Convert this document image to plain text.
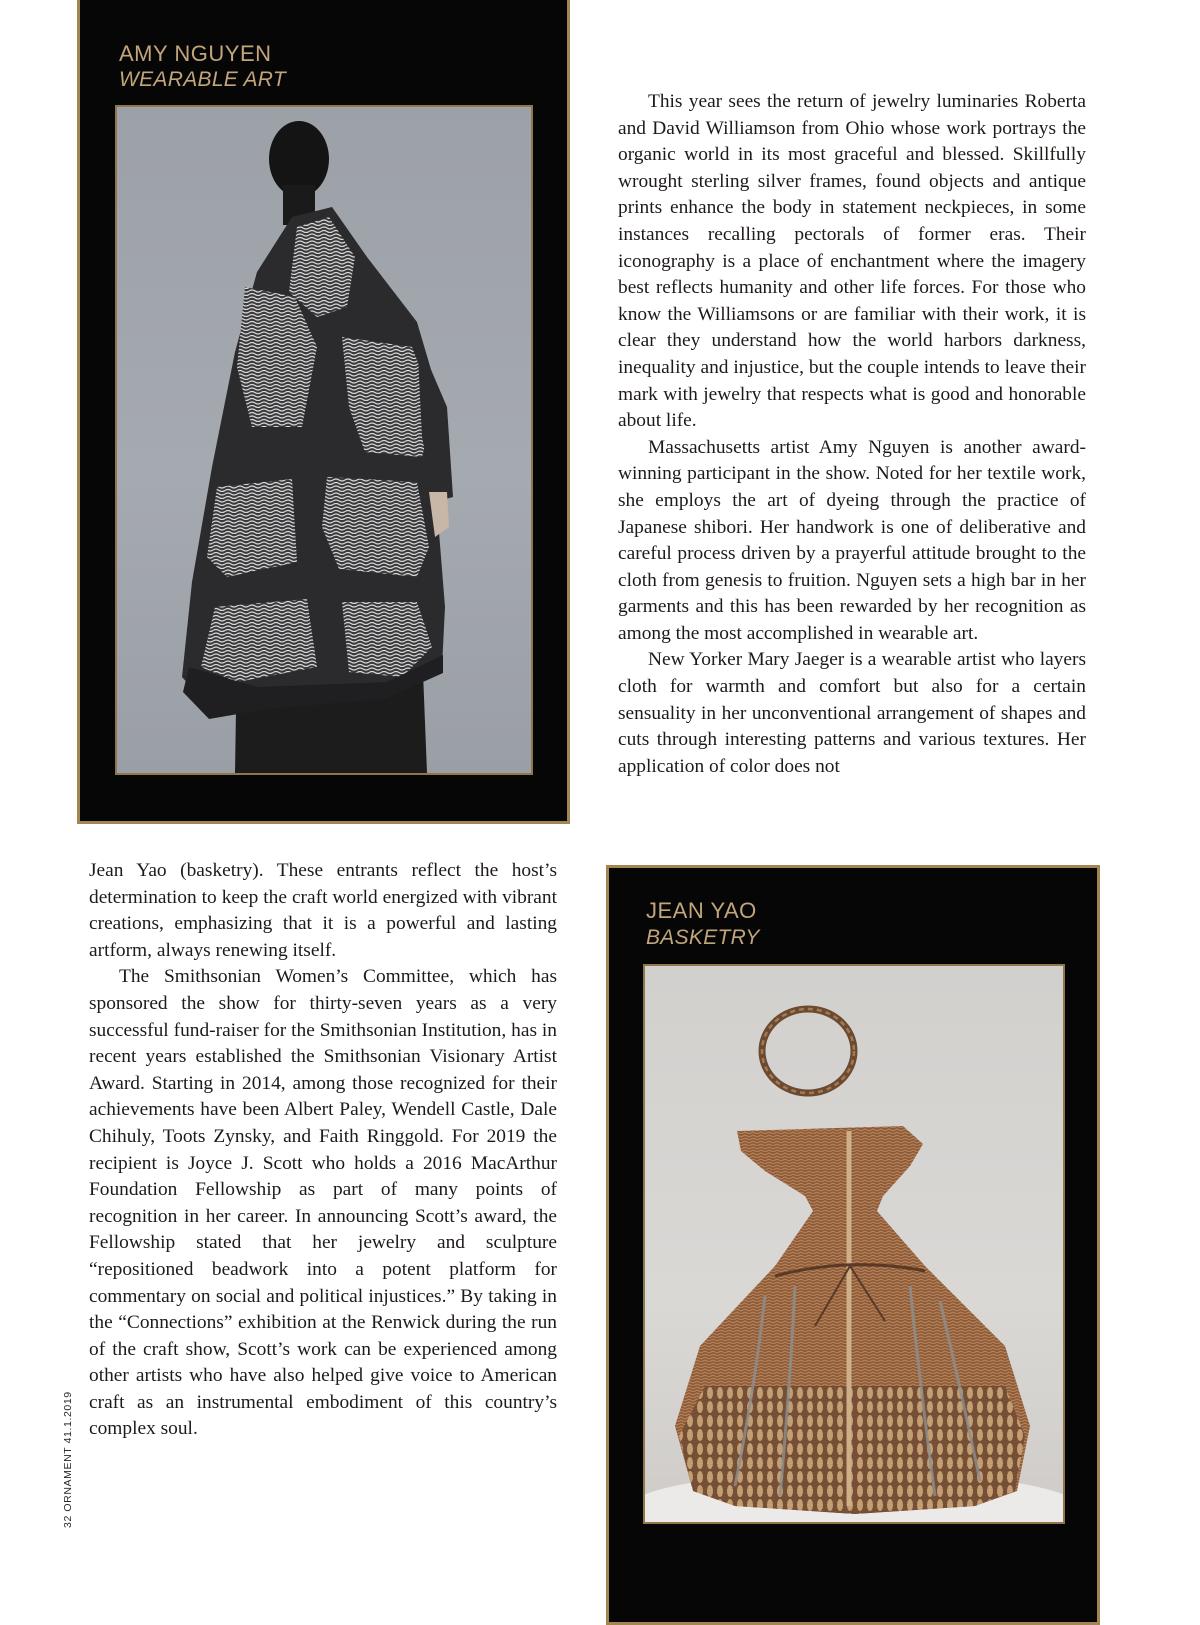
AMY NGUYEN
WEARABLE ART

This year sees the return of jewelry luminaries Roberta and David Williamson from Ohio whose work portrays the organic world in its most graceful and blessed. Skillfully wrought sterling silver frames, found objects and antique prints enhance the body in statement neckpieces, in some instances recalling pectorals of former eras. Their iconography is a place of enchantment where the imagery best reflects humanity and other life forces. For those who know the Williamsons or are familiar with their work, it is clear they understand how the world harbors darkness, inequality and injustice, but the couple intends to leave their mark with jewelry that respects what is good and honorable about life.

Massachusetts artist Amy Nguyen is another award-winning participant in the show. Noted for her textile work, she employs the art of dyeing through the practice of Japanese shibori. Her handwork is one of deliberative and careful process driven by a prayerful attitude brought to the cloth from genesis to fruition. Nguyen sets a high bar in her garments and this has been rewarded by her recognition as among the most accomplished in wearable art.

New Yorker Mary Jaeger is a wearable artist who layers cloth for warmth and comfort but also for a certain sensuality in her unconventional arrangement of shapes and cuts through interesting patterns and various textures. Her application of color does not

Jean Yao (basketry). These entrants reflect the host’s determination to keep the craft world energized with vibrant creations, emphasizing that it is a powerful and lasting artform, always renewing itself.

The Smithsonian Women’s Committee, which has sponsored the show for thirty-seven years as a very successful fund-raiser for the Smithsonian Institution, has in recent years established the Smithsonian Visionary Artist Award. Starting in 2014, among those recognized for their achievements have been Albert Paley, Wendell Castle, Dale Chihuly, Toots Zynsky, and Faith Ringgold. For 2019 the recipient is Joyce J. Scott who holds a 2016 MacArthur Foundation Fellowship as part of many points of recognition in her career. In announcing Scott’s award, the Fellowship stated that her jewelry and sculpture “repositioned beadwork into a potent platform for commentary on social and political injustices.” By taking in the “Connections” exhibition at the Renwick during the run of the craft show, Scott’s work can be experienced among other artists who have also helped give voice to American craft as an instrumental embodiment of this country’s complex soul.

JEAN YAO
BASKETRY
32 ORNAMENT 41.1.2019
